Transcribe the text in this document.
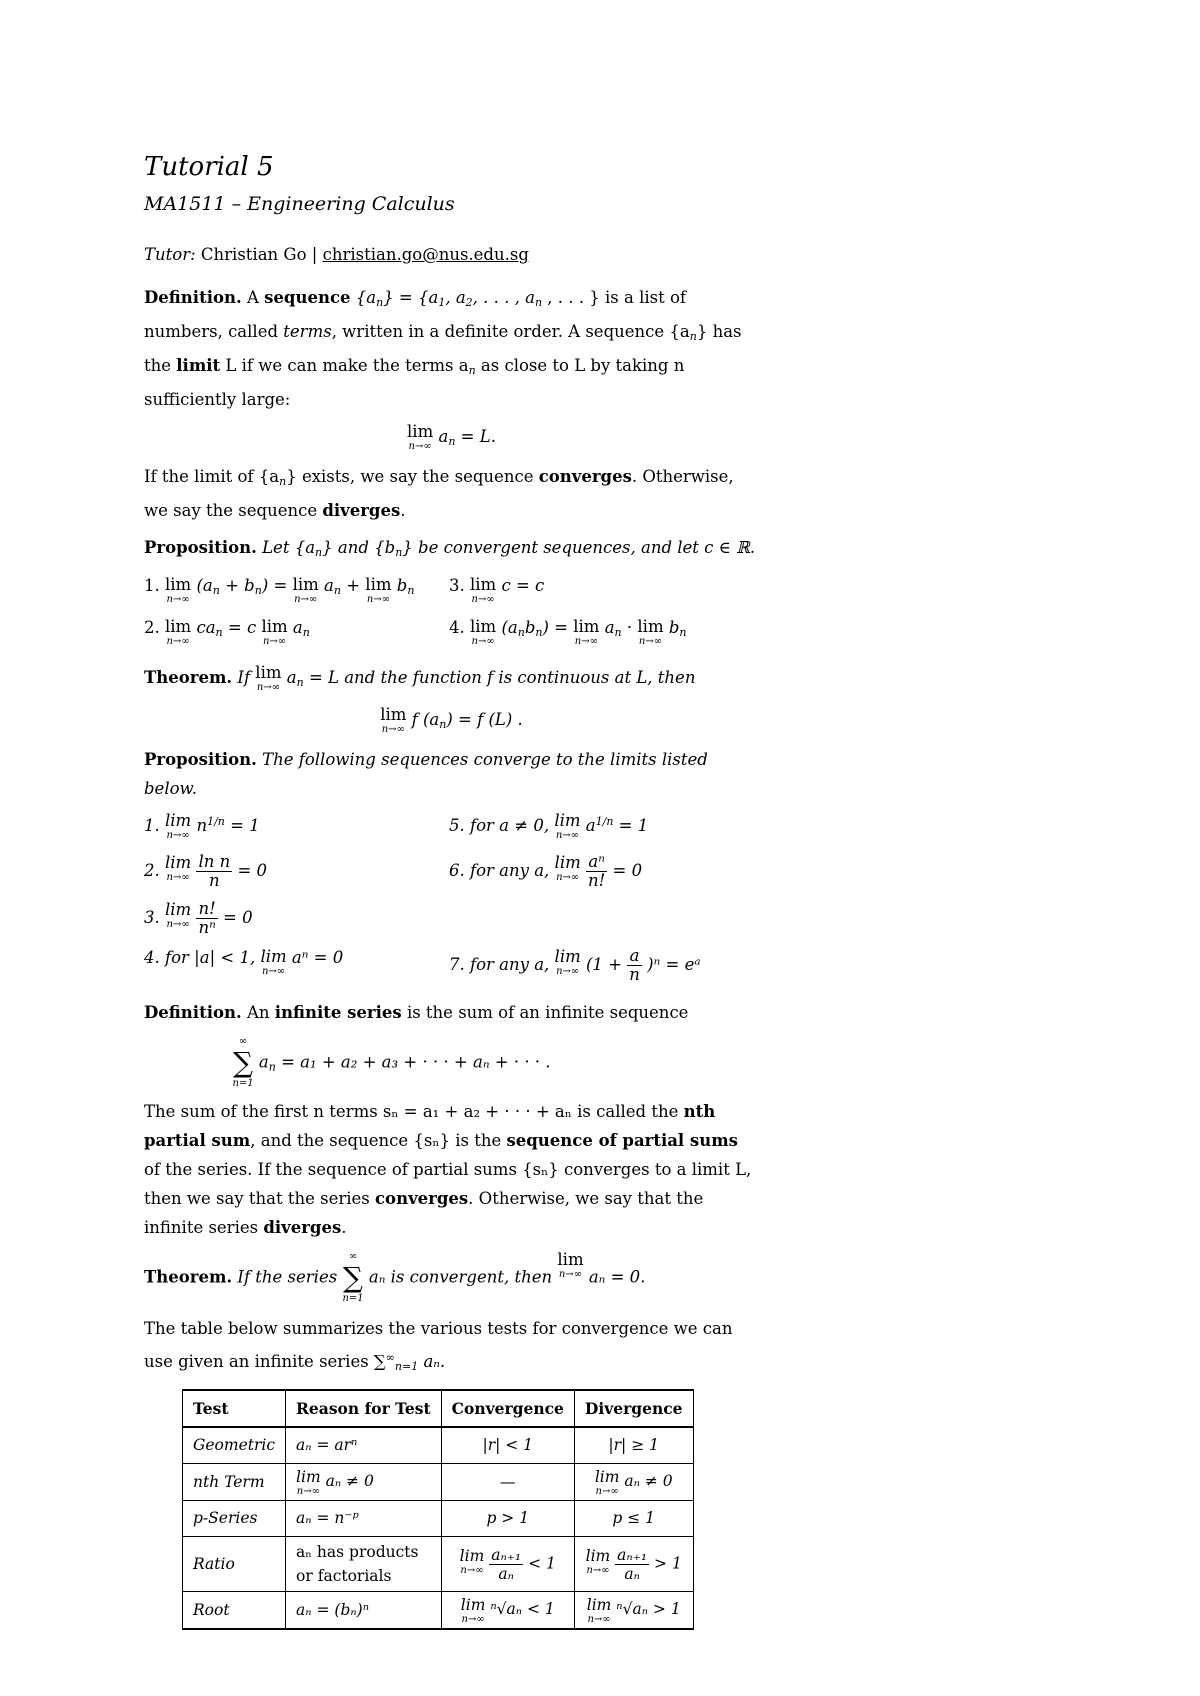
Tutorial 5
MA1511 – Engineering Calculus

Tutor: Christian Go | christian.go@nus.edu.sg

Definition. A sequence $\{a_n\} = \{a_1$, $a_2$, . . . , $a_n$ , . . . } is a list of numbers, called terms, written in a definite order. A sequence $\{a_n\}$ has the limit L if we can make the terms $a_n$ as close to L by taking n sufficiently large:

lim
n→∞
$a_n = L$.

If the limit of $\{a_n\}$ exists, we say the sequence converges. Otherwise, we say the sequence diverges.

Proposition. Let $\{a_n\}$ and $\{b_n\}$ be convergent sequences, and let c ∈ ℝ.

1. lim
n→∞
$(a_n + b_n) = \lim$
n→∞
$a_n + \lim$
n→∞
$b_n$	3. lim
n→∞
c = c
2. lim
n→∞
$ca_n = c$ lim
n→∞
$a_n$	4. lim
n→∞
$(a_nb_n) = \lim$
n→∞
$a_n \cdot \lim$
n→∞
$b_n$

Theorem. If lim
n→∞
$a_n = L$ and the function f is continuous at L, then

lim
n→∞
f $(a_n) = f$ (L) .

Proposition. The following sequences converge to the limits listed below.

1. lim
n→∞
$n^{1/n} = 1$	5. for a ≠ 0, lim
n→∞
$a^{1/n} = 1$
2. lim
n→∞
$\frac{\text{ln n}}{n} = 0$	6. for any a, lim
n→∞
$\frac{\text{aⁿ}}{n!} = 0$
3. lim
n→∞
$\frac{n!}{\text{nⁿ}} = 0$
4. for |a| < 1, lim
n→∞
aⁿ = 0	7. for any a, lim
n→∞ $(1 + \frac{a}{n} )^n$ = eᵃ

Definition. An infinite series is the sum of an infinite sequence

∞
∑
n=1
$a_n = a_1 + a_2 + a_3$ + · · · + aₙ + · · · .

The sum of the first n terms sₙ = a₁ + a₂ + · · · + aₙ is called the nth partial sum, and the sequence {sₙ} is the sequence of partial sums of the series. If the sequence of partial sums {sₙ} converges to a limit L, then we say that the series converges. Otherwise, we say that the infinite series diverges.

Theorem. If the series
∞
∑
n=1
aₙ is convergent, then
lim
n→∞ aₙ = 0.

The table below summarizes the various tests for convergence we can use given an infinite series $\sum^\infty_{n=1}$ aₙ.

Test	Reason for Test	Convergence	Divergence
Geometric	aₙ = arⁿ	|r| < 1	|r| ≥ 1
nth Term	lim
n→∞
aₙ ≠ 0	—	lim
n→∞
aₙ ≠ 0
p-Series	aₙ = n⁻ᵖ	p > 1	p ≤ 1
Ratio	aₙ has products or factorials	lim
n→∞
$\frac{\text{aₙ₊₁}}{\text{aₙ}} < 1$	lim
n→∞
$\frac{\text{aₙ₊₁}}{\text{aₙ}} > 1$
Root	aₙ = (bₙ)ⁿ	lim
n→∞
ⁿ√aₙ < 1	lim
n→∞
ⁿ√aₙ > 1
